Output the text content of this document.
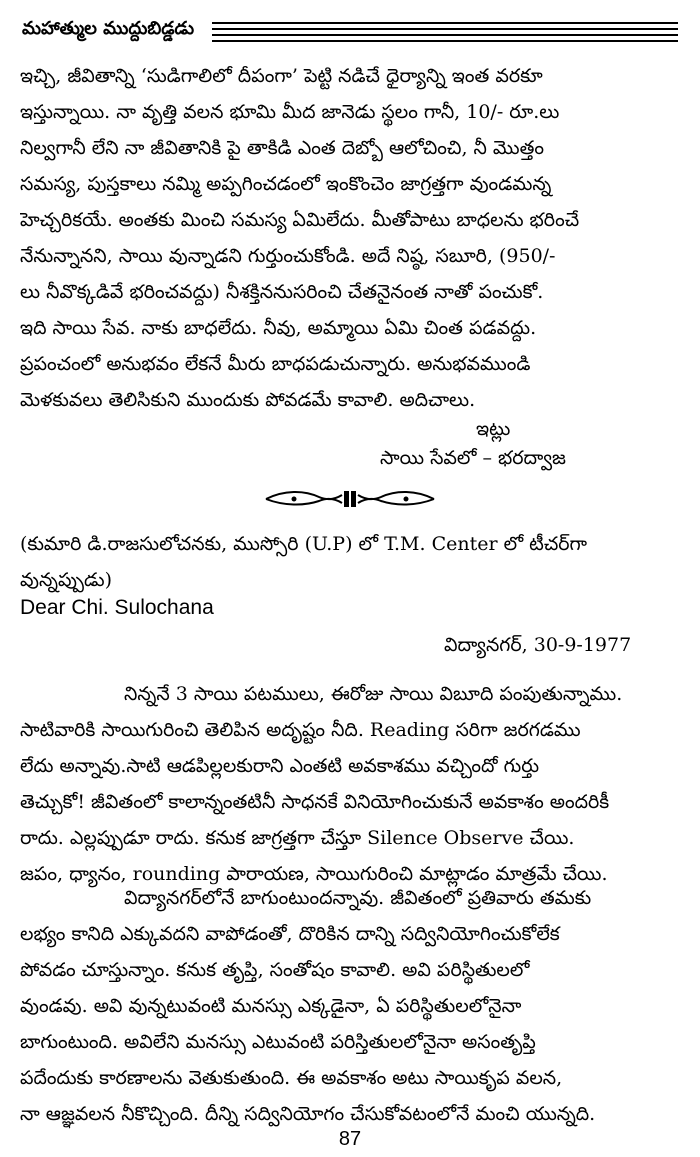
మహాత్ముల ముద్దుబిడ్డడు
ఇచ్చి, జీవితాన్ని ‘సుడిగాలిలో దీపంగా’ పెట్టి నడిచే ధైర్యాన్ని ఇంత వరకూ
ఇస్తున్నాయి. నా వృత్తి వలన భూమి మీద జానెడు స్థలం గానీ, 10/- రూ.లు
నిల్వగానీ లేని నా జీవితానికి పై తాకిడి ఎంత దెబ్బో ఆలోచించి, నీ మొత్తం
సమస్య, పుస్తకాలు నమ్మి అప్పగించడంలో ఇంకొంచెం జాగ్రత్తగా వుండమన్న
హెచ్చరికయే. అంతకు మించి సమస్య ఏమిలేదు. మీతోపాటు బాధలను భరించే
నేనున్నానని, సాయి వున్నాడని గుర్తుంచుకోండి. అదే నిష్ఠ, సబూరి, (950/-
లు నీవొక్కడివే భరించవద్దు) నీశక్తిననుసరించి చేతనైనంత నాతో పంచుకో.
ఇది సాయి సేవ. నాకు బాధలేదు. నీవు, అమ్మాయి ఏమి చింత పడవద్దు.
ప్రపంచంలో అనుభవం లేకనే మీరు బాధపడుచున్నారు. అనుభవముండి
మెళకువలు తెలిసికుని ముందుకు పోవడమే కావాలి. అదిచాలు.
ఇట్లు
సాయి సేవలో – భరద్వాజ
(కుమారి డి.రాజసులోచనకు, ముస్సోరి (U.P) లో T.M. Center లో టీచర్‌గా
వున్నప్పుడు)
Dear Chi. Sulochana
విద్యానగర్, 30-9-1977
నిన్ననే 3 సాయి పటములు, ఈరోజు సాయి విబూది పంపుతున్నాము.
సాటివారికి సాయిగురించి తెలిపిన అదృష్టం నీది. Reading సరిగా జరగడము
లేదు అన్నావు.సాటి ఆడపిల్లలకురాని ఎంతటి అవకాశము వచ్చిందో గుర్తు
తెచ్చుకో! జీవితంలో కాలాన్నంతటినీ సాధనకే వినియోగించుకునే అవకాశం అందరికీ
రాదు. ఎల్లప్పుడూ రాదు. కనుక జాగ్రత్తగా చేస్తూ Silence Observe చేయి.
జపం, ధ్యానం, rounding పారాయణ, సాయిగురించి మాట్లాడం మాత్రమే చేయి.
విద్యానగర్‌లోనే బాగుంటుందన్నావు. జీవితంలో ప్రతివారు తమకు
లభ్యం కానిది ఎక్కువదని వాపోడంతో, దొరికిన దాన్ని సద్వినియోగించుకోలేక
పోవడం చూస్తున్నాం. కనుక తృప్తి, సంతోషం కావాలి. అవి పరిస్థితులలో
వుండవు. అవి వున్నటువంటి మనస్సు ఎక్కడైనా, ఏ పరిస్థితులలోనైనా
బాగుంటుంది. అవిలేని మనస్సు ఎటువంటి పరిస్తితులలోనైనా అసంతృప్తి
పదేందుకు కారణాలను వెతుకుతుంది. ఈ అవకాశం అటు సాయికృప వలన,
నా ఆజ్ఞవలన నీకొచ్చింది. దీన్ని సద్వినియోగం చేసుకోవటంలోనే మంచి యున్నది.
87
